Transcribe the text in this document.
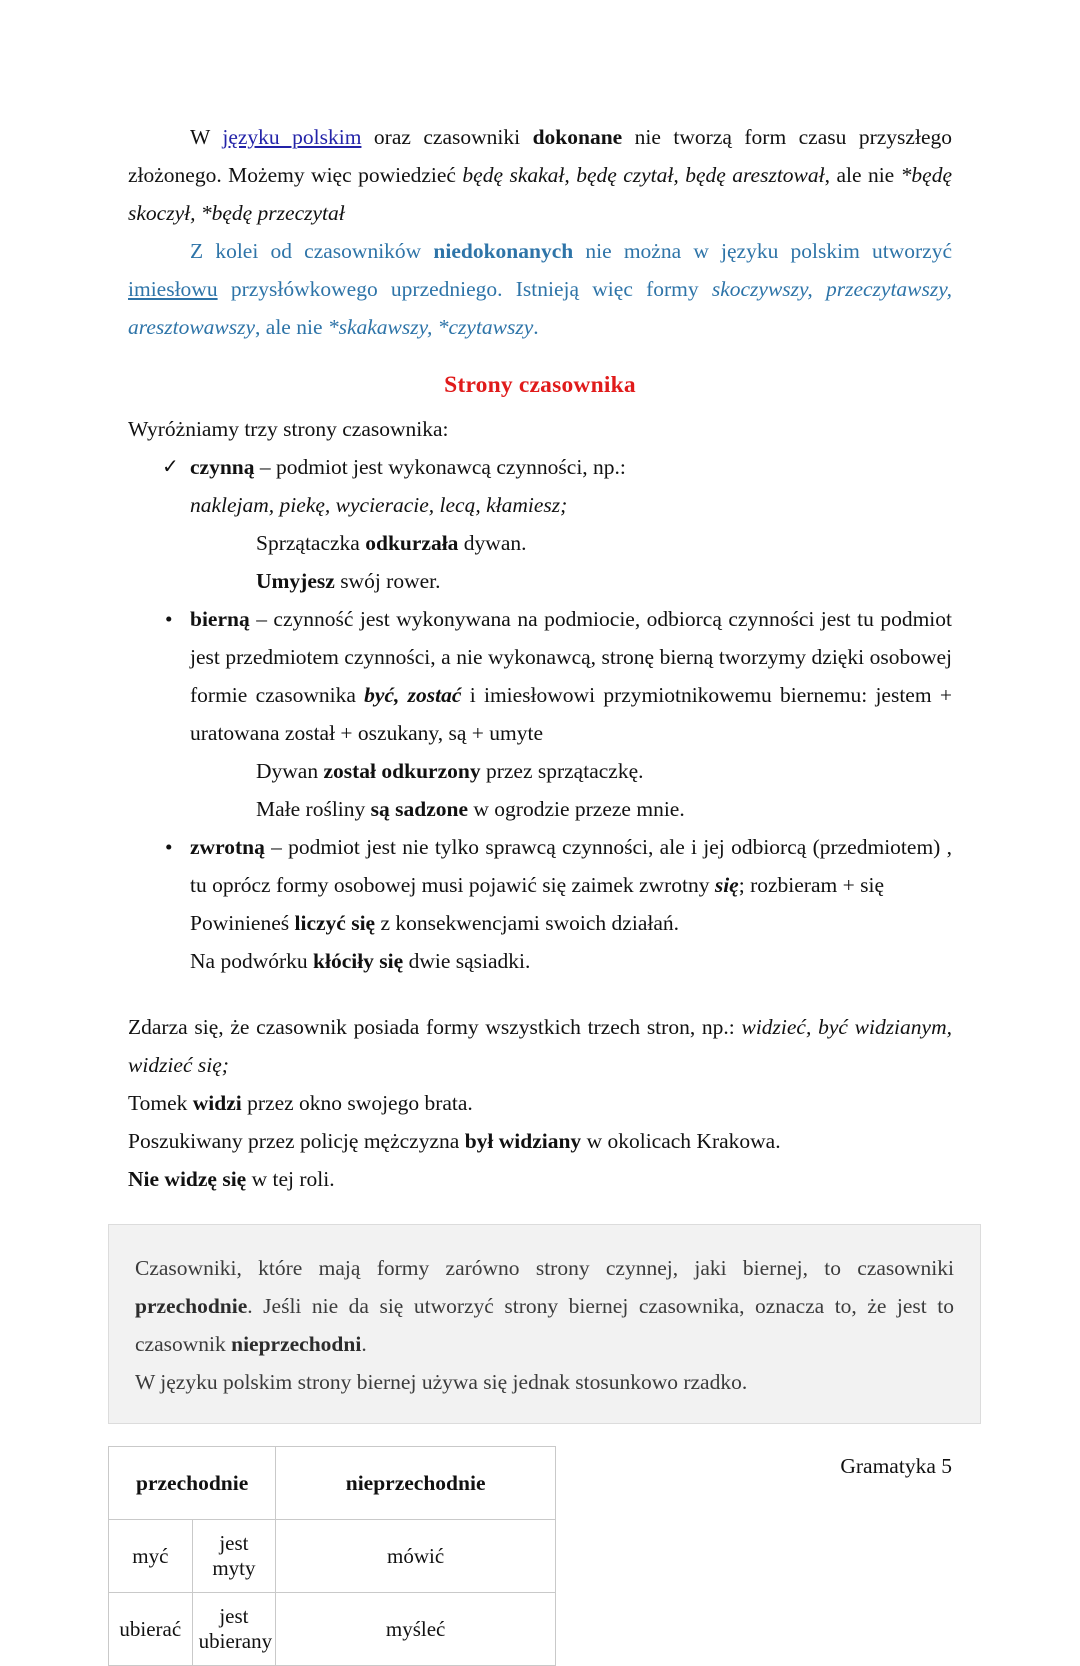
W języku polskim oraz czasowniki dokonane nie tworzą form czasu przyszłego złożonego. Możemy więc powiedzieć będę skakał, będę czytał, będę aresztował, ale nie *będę skoczył, *będę przeczytał

Z kolei od czasowników niedokonanych nie można w języku polskim utworzyć imiesłowu przysłówkowego uprzedniego. Istnieją więc formy skoczywszy, przeczytawszy, aresztowawszy, ale nie *skakawszy, *czytawszy.

Strony czasownika

Wyróżniamy trzy strony czasownika:

✓ czynną – podmiot jest wykonawcą czynności, np.:

naklejam, piekę, wycieracie, lecą, kłamiesz;

Sprzątaczka odkurzała dywan.

Umyjesz swój rower.

• bierną – czynność jest wykonywana na podmiocie, odbiorcą czynności jest tu podmiot jest przedmiotem czynności, a nie wykonawcą, stronę bierną tworzymy dzięki osobowej formie czasownika być, zostać i imiesłowowi przymiotnikowemu biernemu: jestem + uratowana został + oszukany, są + umyte

Dywan został odkurzony przez sprzątaczkę.

Małe rośliny są sadzone w ogrodzie przeze mnie.

• zwrotną – podmiot jest nie tylko sprawcą czynności, ale i jej odbiorcą (przedmiotem) , tu oprócz formy osobowej musi pojawić się zaimek zwrotny się; rozbieram + się

Powinieneś liczyć się z konsekwencjami swoich działań.

Na podwórku kłóciły się dwie sąsiadki.

Zdarza się, że czasownik posiada formy wszystkich trzech stron, np.: widzieć, być widzianym, widzieć się;

Tomek widzi przez okno swojego brata.

Poszukiwany przez policję mężczyzna był widziany w okolicach Krakowa.

Nie widzę się w tej roli.

Czasowniki, które mają formy zarówno strony czynnej, jaki biernej, to czasowniki przechodnie. Jeśli nie da się utworzyć strony biernej czasownika, oznacza to, że jest to czasownik nieprzechodni.

W języku polskim strony biernej używa się jednak stosunkowo rzadko.

przechodnie		nieprzechodnie
myć	jest myty	mówić
ubierać	jest ubierany	myśleć
Gramatyka 5
